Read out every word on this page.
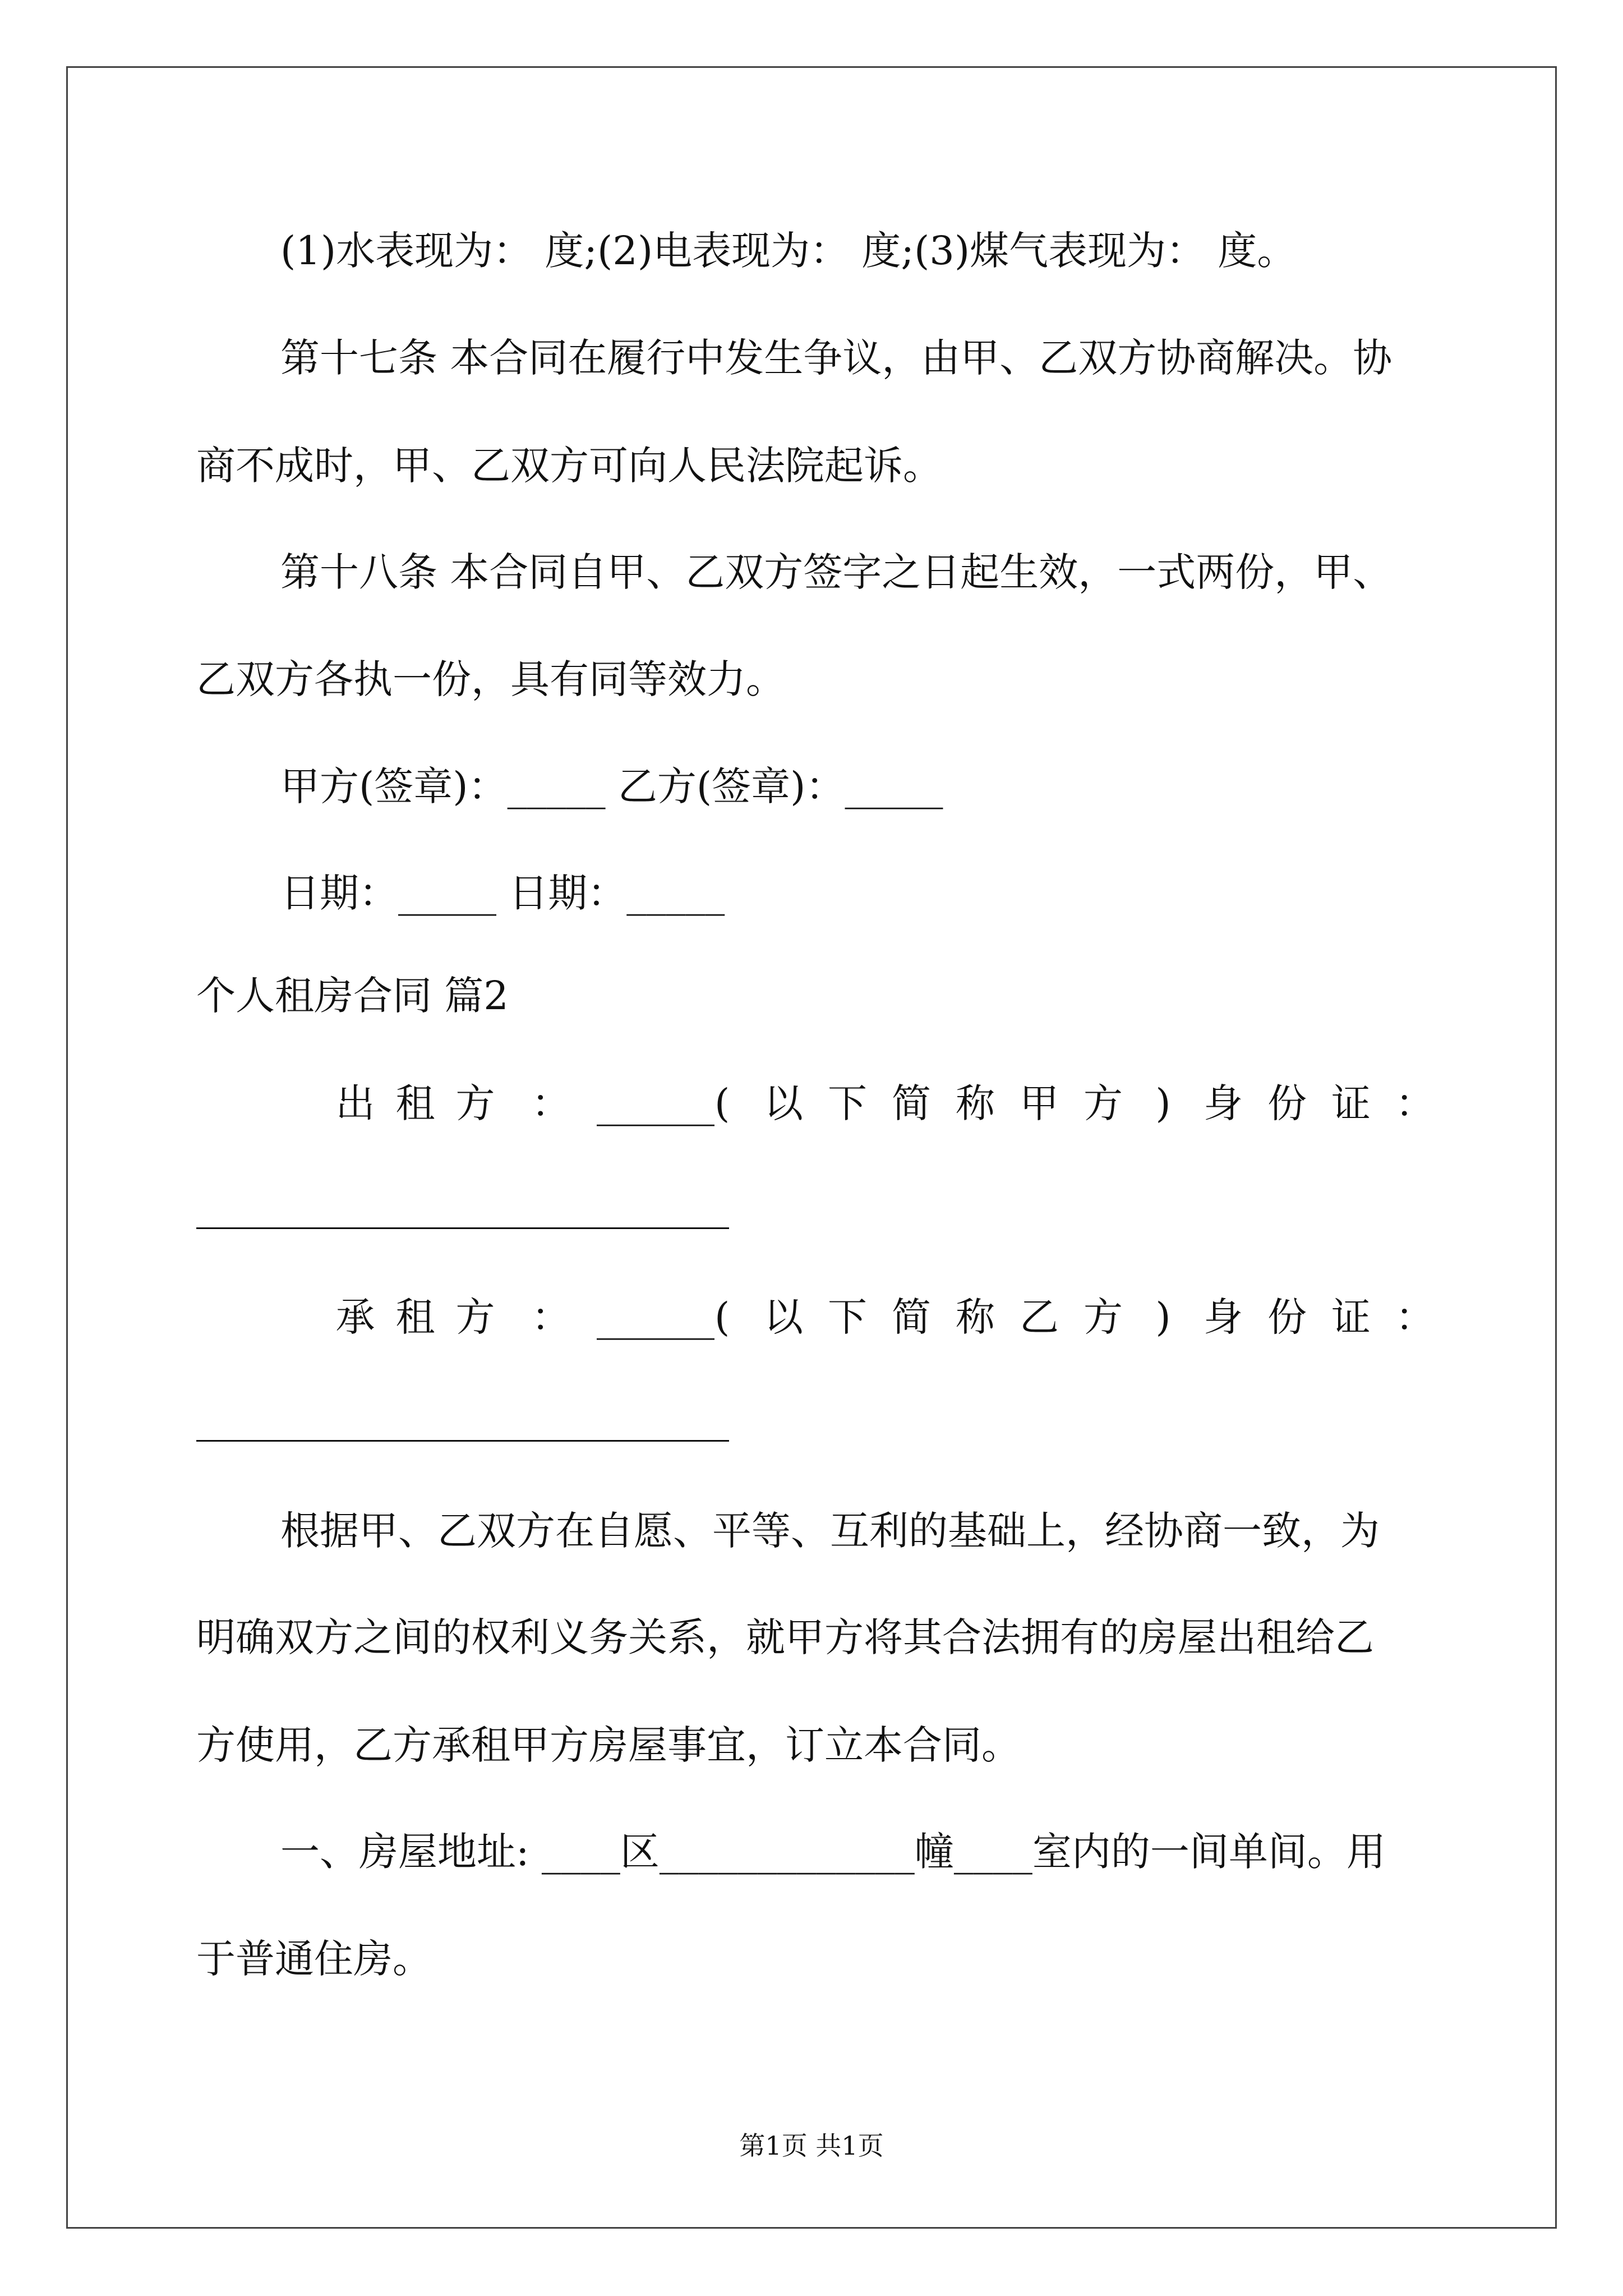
(1)水表现为： 度;(2)电表现为： 度;(3)煤气表现为： 度。
第十七条 本合同在履行中发生争议，由甲、乙双方协商解决。协
商不成时，甲、乙双方可向人民法院起诉。
第十八条 本合同自甲、乙双方签字之日起生效，一式两份，甲、
乙双方各执一份，具有同等效力。
甲方(签章)：_____ 乙方(签章)：_____
日期：_____ 日期：_____
个人租房合同 篇2
出 租 方 ： ______( 以 下 简 称 甲 方 ) 身 份 证 ：
承 租 方 ： ______( 以 下 简 称 乙 方 ) 身 份 证 ：
根据甲、乙双方在自愿、平等、互利的基础上，经协商一致，为
明确双方之间的权利义务关系，就甲方将其合法拥有的房屋出租给乙
方使用，乙方承租甲方房屋事宜，订立本合同。
一、房屋地址: ____区_____________幢____室内的一间单间。用
于普通住房。
第1页 共1页
